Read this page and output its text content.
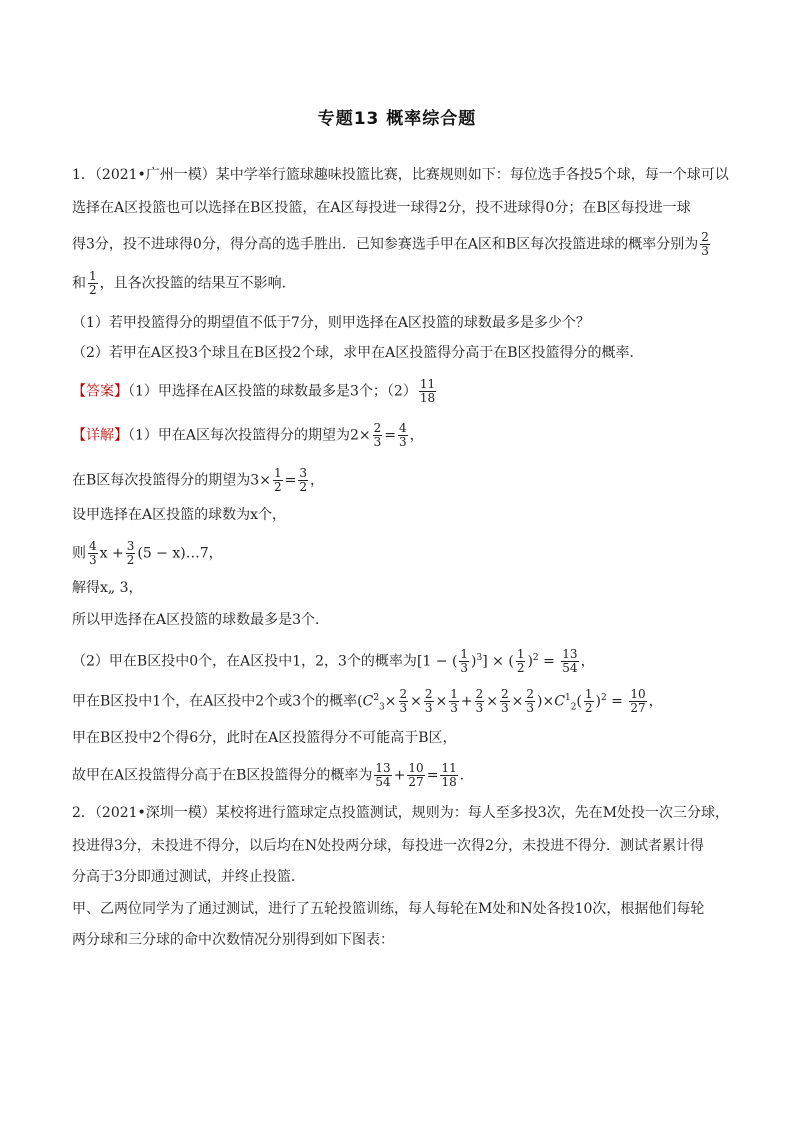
专题13 概率综合题
1．（2021•广州一模）某中学举行篮球趣味投篮比赛，比赛规则如下：每位选手各投5个球，每一个球可以
选择在A区投篮也可以选择在B区投篮，在A区每投进一球得2分，投不进球得0分；在B区每投进一球
得3分，投不进球得0分，得分高的选手胜出．已知参赛选手甲在A区和B区每次投篮进球的概率分别为 $\frac{2}{3}$
和 $\frac{1}{2}$ ，且各次投篮的结果互不影响．
（1）若甲投篮得分的期望值不低于7分，则甲选择在A区投篮的球数最多是多少个？
（2）若甲在A区投3个球且在B区投2个球，求甲在A区投篮得分高于在B区投篮得分的概率．
【答案】（1）甲选择在A区投篮的球数最多是3个；$(2) \frac{11}{18}$
【详解】（1）甲在A区每次投篮得分的期望为$2\times \frac{2}{3} = \frac{4}{3}$ ，
在B区每次投篮得分的期望为$3\times \frac{1}{2} = \frac{3}{2}$ ，
设甲选择在A区投篮的球数为x个，
则 $\frac{4}{3}$ $x + \frac{3}{2} (5$ − x)…7，
解得x„ 3，
所以甲选择在A区投篮的球数最多是3个．
（2）甲在B区投中0个，在A区投中1，2，3个的概率为[1 − ( $\frac{1}{3} )^3$] × ( $\frac{1}{2} )^2 = \frac{13}{54}$ ，
甲在B区投中1个，在A区投中2个或3个的概率$(C^2_3\times \frac{2}{3} \times \frac{2}{3} \times \frac{1}{3} + \frac{2}{3} \times \frac{2}{3} \times \frac{2}{3} )\times C^1_2( \frac{1}{2} )^2 = \frac{10}{27}$ ，
甲在B区投中2个得6分，此时在A区投篮得分不可能高于B区，
故甲在A区投篮得分高于在B区投篮得分的概率为 $\frac{13}{54} + \frac{10}{27} = \frac{11}{18}$ ．
2．（2021•深圳一模）某校将进行篮球定点投篮测试，规则为：每人至多投3次，先在M处投一次三分球，
投进得3分，未投进不得分，以后均在N处投两分球，每投进一次得2分，未投进不得分．测试者累计得
分高于3分即通过测试，并终止投篮．
甲、乙两位同学为了通过测试，进行了五轮投篮训练，每人每轮在M处和N处各投10次，根据他们每轮
两分球和三分球的命中次数情况分别得到如下图表：
